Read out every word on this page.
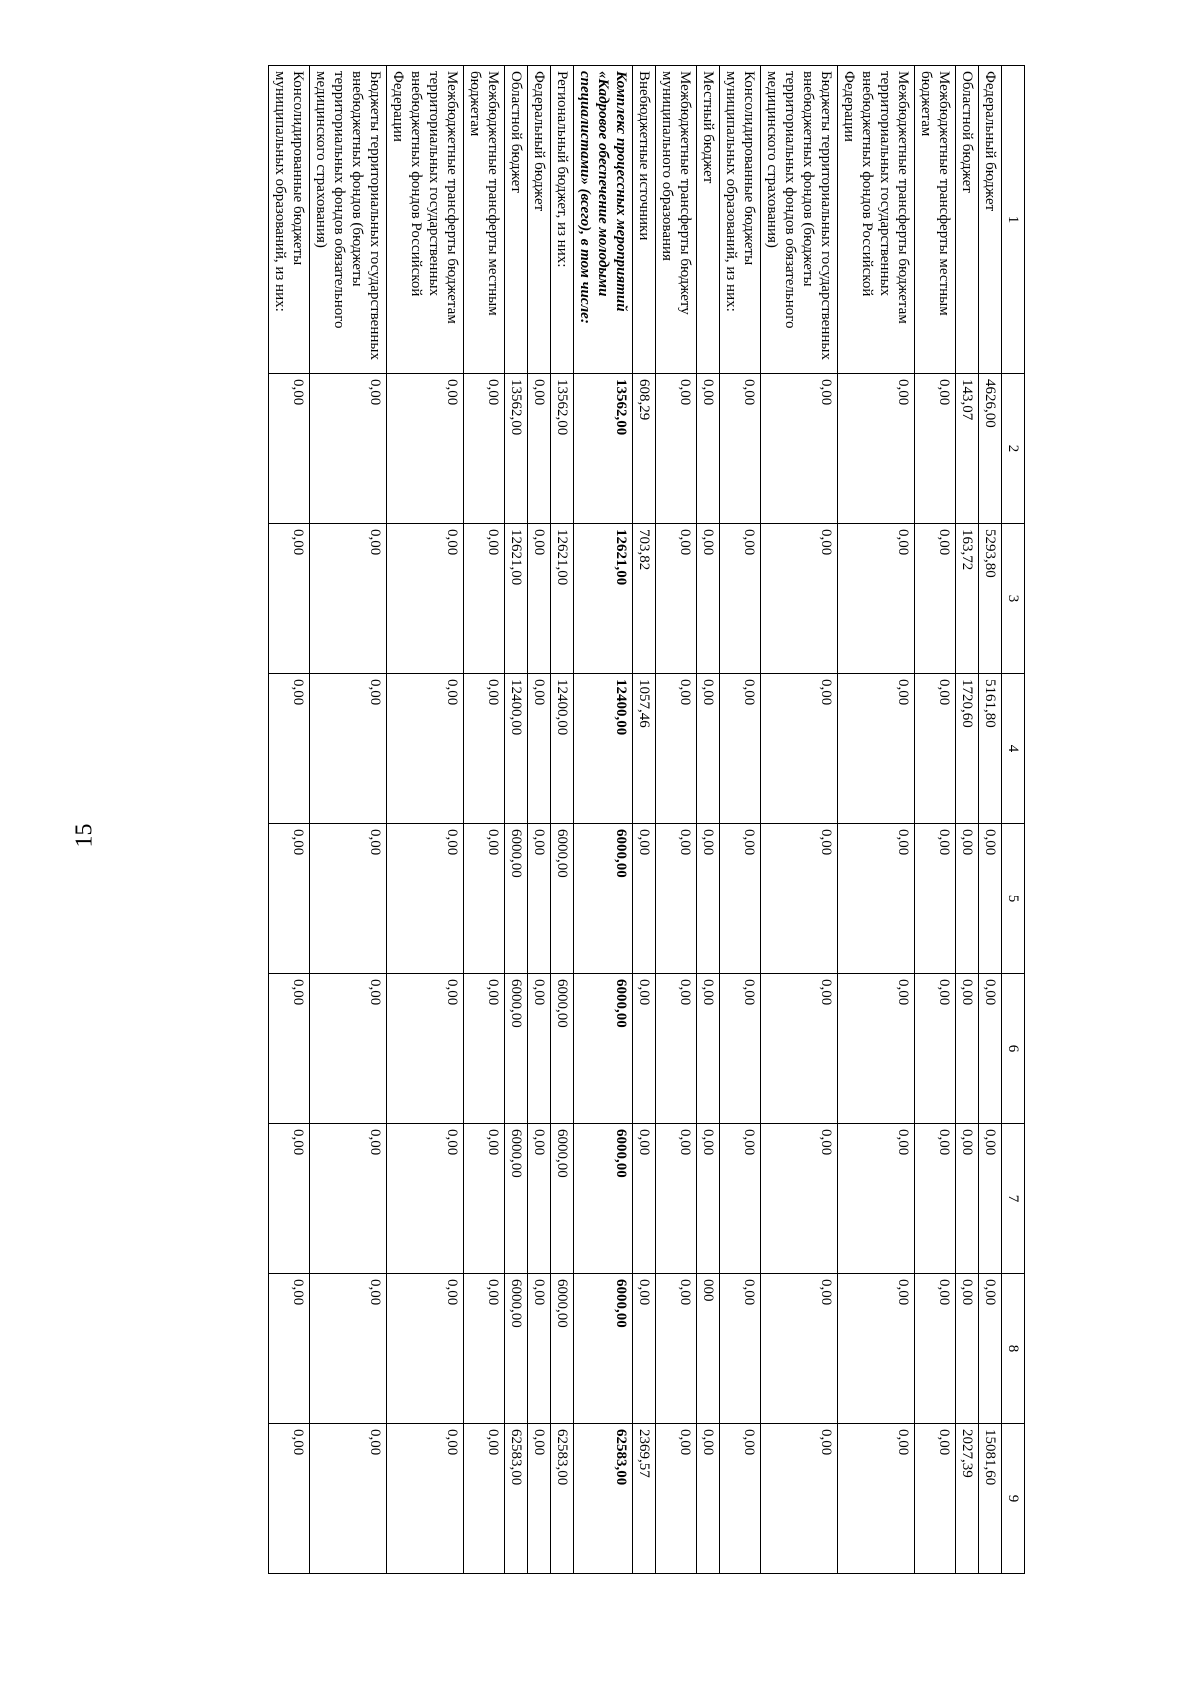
15
1	2	3	4	5	6	7	8	9
Федеральный бюджет	4626,00	5293,80	5161,80	0,00	0,00	0,00	0,00	15081,60
Областной бюджет	143,07	163,72	1720,60	0,00	0,00	0,00	0,00	2027,39
Межбюджетные трансферты местным бюджетам	0,00	0,00	0,00	0,00	0,00	0,00	0,00	0,00
Межбюджетные трансферты бюджетам территориальных государственных внебюджетных фондов Российской Федерации	0,00	0,00	0,00	0,00	0,00	0,00	0,00	0,00
Бюджеты территориальных государственных внебюджетных фондов (бюджеты территориальных фондов обязательного медицинского страхования)	0,00	0,00	0,00	0,00	0,00	0,00	0,00	0,00
Консолидированные бюджеты муниципальных образований, из них:	0,00	0,00	0,00	0,00	0,00	0,00	0,00	0,00
Местный бюджет	0,00	0,00	0,00	0,00	0,00	0,00	000	0,00
Межбюджетные трансферты бюджету муниципального образования	0,00	0,00	0,00	0,00	0,00	0,00	0,00	0,00
Внебюджетные источники	608,29	703,82	1057,46	0,00	0,00	0,00	0,00	2369,57
Комплекс процессных мероприятий «Кадровое обеспечение молодыми специалистами» (всего), в том числе:	13562,00	12621,00	12400,00	6000,00	6000,00	6000,00	6000,00	62583,00
Региональный бюджет, из них:	13562,00	12621,00	12400,00	6000,00	6000,00	6000,00	6000,00	62583,00
Федеральный бюджет	0,00	0,00	0,00	0,00	0,00	0,00	0,00	0,00
Областной бюджет	13562,00	12621,00	12400,00	6000,00	6000,00	6000,00	6000,00	62583,00
Межбюджетные трансферты местным бюджетам	0,00	0,00	0,00	0,00	0,00	0,00	0,00	0,00
Межбюджетные трансферты бюджетам территориальных государственных внебюджетных фондов Российской Федерации	0,00	0,00	0,00	0,00	0,00	0,00	0,00	0,00
Бюджеты территориальных государственных внебюджетных фондов (бюджеты территориальных фондов обязательного медицинского страхования)	0,00	0,00	0,00	0,00	0,00	0,00	0,00	0,00
Консолидированные бюджеты муниципальных образований, из них:	0,00	0,00	0,00	0,00	0,00	0,00	0,00	0,00
